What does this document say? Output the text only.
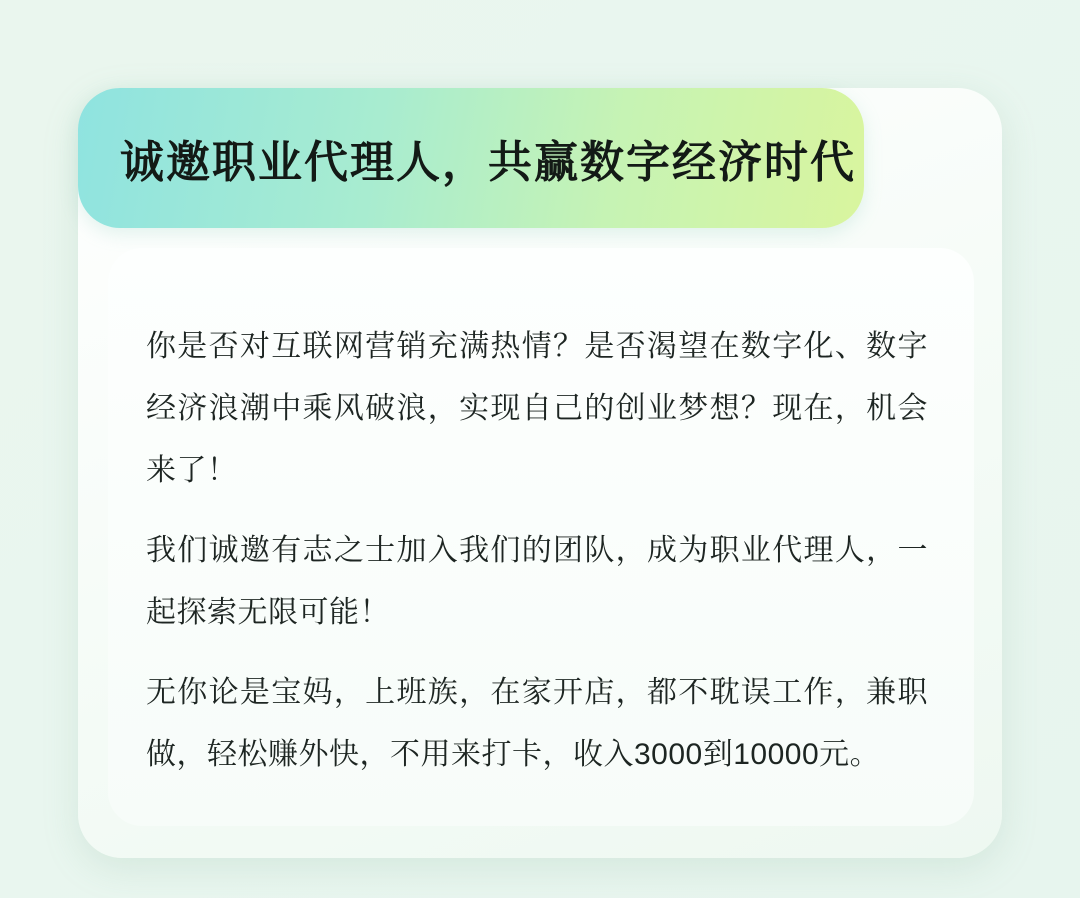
诚邀职业代理人，共赢数字经济时代

你是否对互联网营销充满热情？是否渴望在数字化、数字经济浪潮中乘风破浪，实现自己的创业梦想？现在，机会来了！

我们诚邀有志之士加入我们的团队，成为职业代理人，一起探索无限可能！

无你论是宝妈，上班族，在家开店，都不耽误工作，兼职做，轻松赚外快，不用来打卡，收入3000到10000元。
